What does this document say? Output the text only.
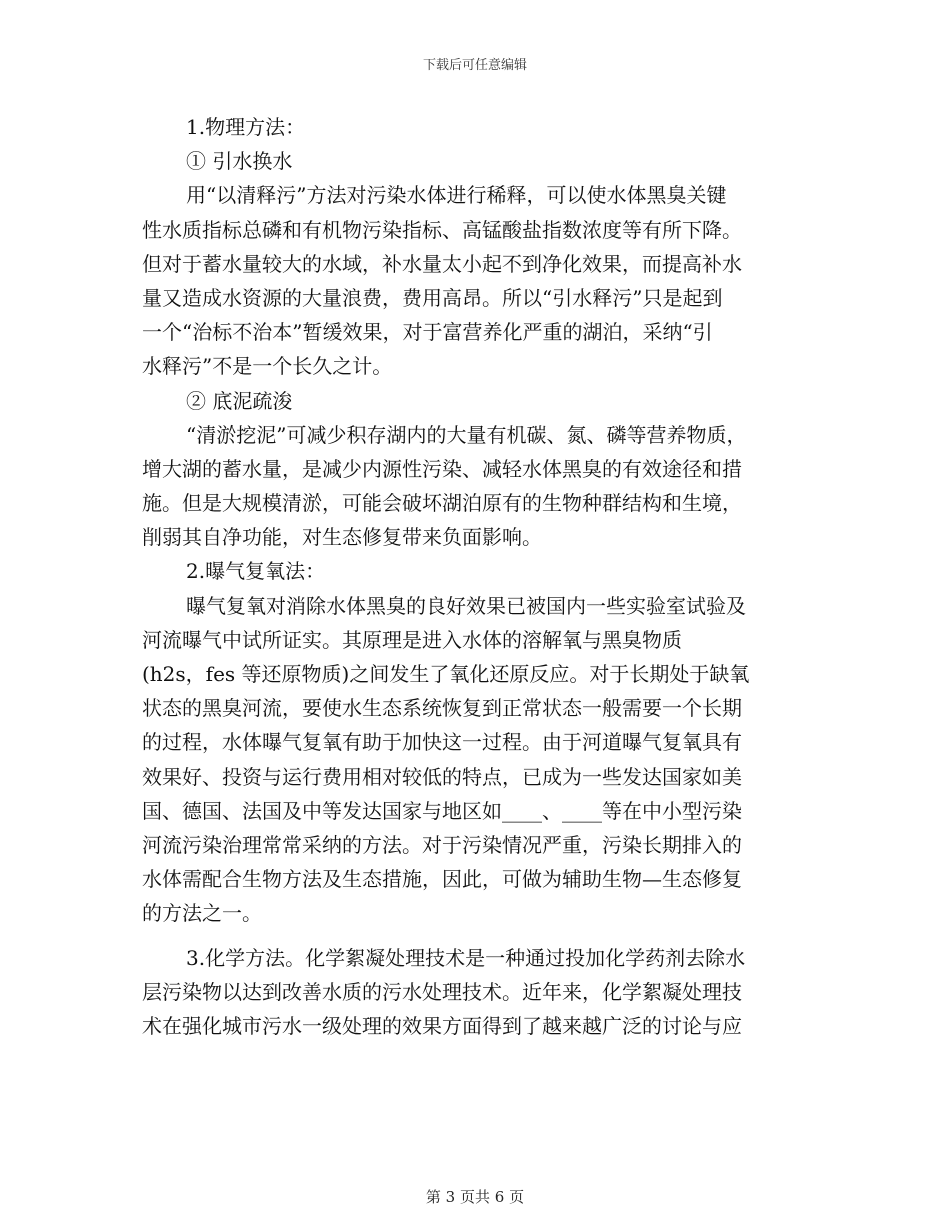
下载后可任意编辑
1.物理方法：
① 引水换水
用“以清释污”方法对污染水体进行稀释，可以使水体黑臭关键
性水质指标总磷和有机物污染指标、高锰酸盐指数浓度等有所下降。
但对于蓄水量较大的水域，补水量太小起不到净化效果，而提高补水
量又造成水资源的大量浪费，费用高昂。所以“引水释污”只是起到
一个“治标不治本”暂缓效果，对于富营养化严重的湖泊，采纳“引
水释污”不是一个长久之计。
② 底泥疏浚
“清淤挖泥”可减少积存湖内的大量有机碳、氮、磷等营养物质，
增大湖的蓄水量，是减少内源性污染、减轻水体黑臭的有效途径和措
施。但是大规模清淤，可能会破坏湖泊原有的生物种群结构和生境，
削弱其自净功能，对生态修复带来负面影响。
2.曝气复氧法：
曝气复氧对消除水体黑臭的良好效果已被国内一些实验室试验及
河流曝气中试所证实。其原理是进入水体的溶解氧与黑臭物质
(h2s，fes 等还原物质)之间发生了氧化还原反应。对于长期处于缺氧
状态的黑臭河流，要使水生态系统恢复到正常状态一般需要一个长期
的过程，水体曝气复氧有助于加快这一过程。由于河道曝气复氧具有
效果好、投资与运行费用相对较低的特点，已成为一些发达国家如美
国、德国、法国及中等发达国家与地区如____、____等在中小型污染
河流污染治理常常采纳的方法。对于污染情况严重，污染长期排入的
水体需配合生物方法及生态措施，因此，可做为辅助生物—生态修复
的方法之一。
3.化学方法。化学絮凝处理技术是一种通过投加化学药剂去除水
层污染物以达到改善水质的污水处理技术。近年来，化学絮凝处理技
术在强化城市污水一级处理的效果方面得到了越来越广泛的讨论与应
第 3 页共 6 页
